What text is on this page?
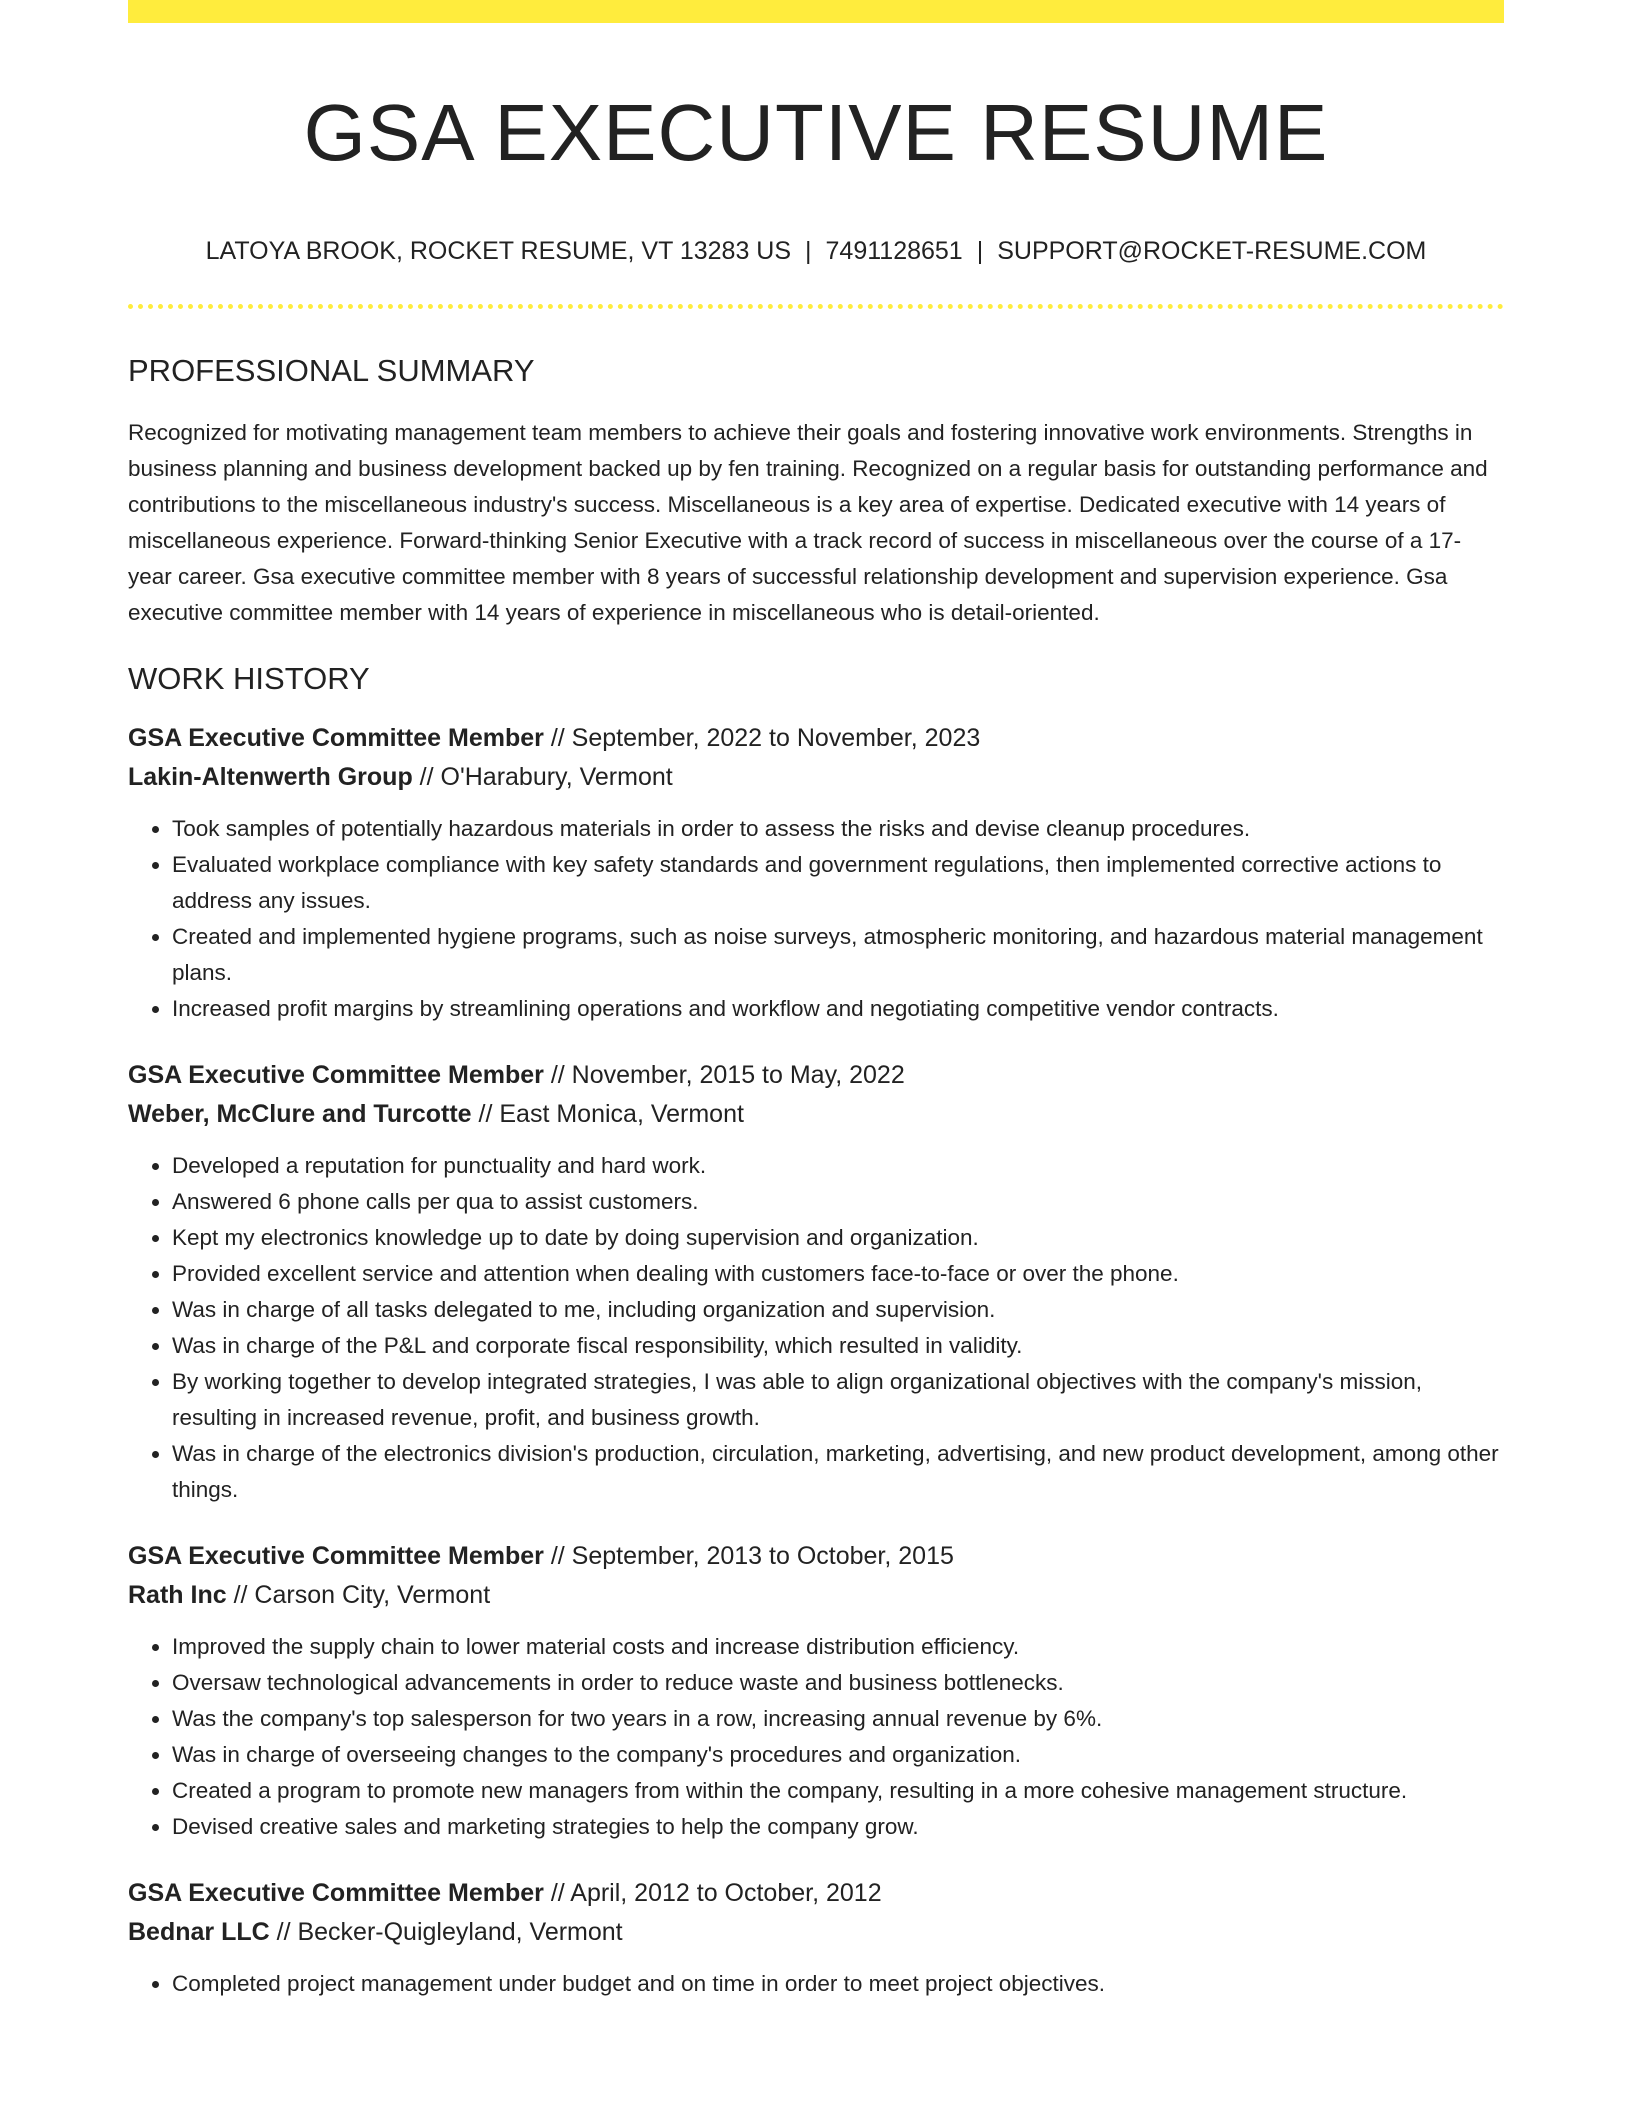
GSA EXECUTIVE RESUME
LATOYA BROOK, ROCKET RESUME, VT 13283 US | 7491128651 | SUPPORT@ROCKET-RESUME.COM
PROFESSIONAL SUMMARY

Recognized for motivating management team members to achieve their goals and fostering innovative work environments. Strengths in business planning and business development backed up by fen training. Recognized on a regular basis for outstanding performance and contributions to the miscellaneous industry's success. Miscellaneous is a key area of expertise. Dedicated executive with 14 years of miscellaneous experience. Forward-thinking Senior Executive with a track record of success in miscellaneous over the course of a 17-year career. Gsa executive committee member with 8 years of successful relationship development and supervision experience. Gsa executive committee member with 14 years of experience in miscellaneous who is detail-oriented.

WORK HISTORY
GSA Executive Committee Member // September, 2022 to November, 2023
Lakin-Altenwerth Group // O'Harabury, Vermont
• Took samples of potentially hazardous materials in order to assess the risks and devise cleanup procedures.
• Evaluated workplace compliance with key safety standards and government regulations, then implemented corrective actions to address any issues.
• Created and implemented hygiene programs, such as noise surveys, atmospheric monitoring, and hazardous material management plans.
• Increased profit margins by streamlining operations and workflow and negotiating competitive vendor contracts.
GSA Executive Committee Member // November, 2015 to May, 2022
Weber, McClure and Turcotte // East Monica, Vermont
• Developed a reputation for punctuality and hard work.
• Answered 6 phone calls per qua to assist customers.
• Kept my electronics knowledge up to date by doing supervision and organization.
• Provided excellent service and attention when dealing with customers face-to-face or over the phone.
• Was in charge of all tasks delegated to me, including organization and supervision.
• Was in charge of the P&L and corporate fiscal responsibility, which resulted in validity.
• By working together to develop integrated strategies, I was able to align organizational objectives with the company's mission, resulting in increased revenue, profit, and business growth.
• Was in charge of the electronics division's production, circulation, marketing, advertising, and new product development, among other things.
GSA Executive Committee Member // September, 2013 to October, 2015
Rath Inc // Carson City, Vermont
• Improved the supply chain to lower material costs and increase distribution efficiency.
• Oversaw technological advancements in order to reduce waste and business bottlenecks.
• Was the company's top salesperson for two years in a row, increasing annual revenue by 6%.
• Was in charge of overseeing changes to the company's procedures and organization.
• Created a program to promote new managers from within the company, resulting in a more cohesive management structure.
• Devised creative sales and marketing strategies to help the company grow.
GSA Executive Committee Member // April, 2012 to October, 2012
Bednar LLC // Becker-Quigleyland, Vermont
• Completed project management under budget and on time in order to meet project objectives.
